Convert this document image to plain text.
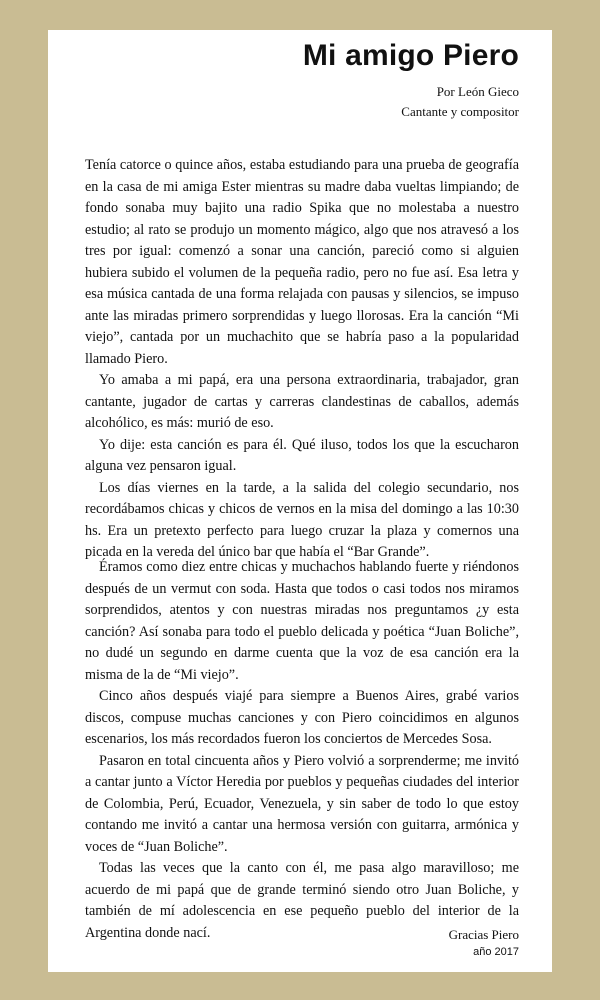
Mi amigo Piero
Por León Gieco
Cantante y compositor

Tenía catorce o quince años, estaba estudiando para una prueba de geografía en la casa de mi amiga Ester mientras su madre daba vueltas limpiando; de fondo sonaba muy bajito una radio Spika que no molestaba a nuestro estudio; al rato se produjo un momento mágico, algo que nos atravesó a los tres por igual: comenzó a sonar una canción, pareció como si alguien hubiera subido el volumen de la pequeña radio, pero no fue así. Esa letra y esa música cantada de una forma relajada con pausas y silencios, se impuso ante las miradas primero sorprendidas y luego llorosas. Era la canción “Mi viejo”, cantada por un muchachito que se habría paso a la popularidad llamado Piero.

Yo amaba a mi papá, era una persona extraordinaria, trabajador, gran cantante, jugador de cartas y carreras clandestinas de caballos, además alcohólico, es más: murió de eso.

Yo dije: esta canción es para él. Qué iluso, todos los que la escucharon alguna vez pensaron igual.

Los días viernes en la tarde, a la salida del colegio secundario, nos recordábamos chicas y chicos de vernos en la misa del domingo a las 10:30 hs. Era un pretexto perfecto para luego cruzar la plaza y comernos una picada en la vereda del único bar que había el “Bar Grande”.

Éramos como diez entre chicas y muchachos hablando fuerte y riéndonos después de un vermut con soda. Hasta que todos o casi todos nos miramos sorprendidos, atentos y con nuestras miradas nos preguntamos ¿y esta canción? Así sonaba para todo el pueblo delicada y poética “Juan Boliche”, no dudé un segundo en darme cuenta que la voz de esa canción era la misma de la de “Mi viejo”.

Cinco años después viajé para siempre a Buenos Aires, grabé varios discos, compuse muchas canciones y con Piero coincidimos en algunos escenarios, los más recordados fueron los conciertos de Mercedes Sosa.

Pasaron en total cincuenta años y Piero volvió a sorprenderme; me invitó a cantar junto a Víctor Heredia por pueblos y pequeñas ciudades del interior de Colombia, Perú, Ecuador, Venezuela, y sin saber de todo lo que estoy contando me invitó a cantar una hermosa versión con guitarra, armónica y voces de “Juan Boliche”.

Todas las veces que la canto con él, me pasa algo maravilloso; me acuerdo de mi papá que de grande terminó siendo otro Juan Boliche, y también de mí adolescencia en ese pequeño pueblo del interior de la Argentina donde nací.	Gracias Piero
año 2017
